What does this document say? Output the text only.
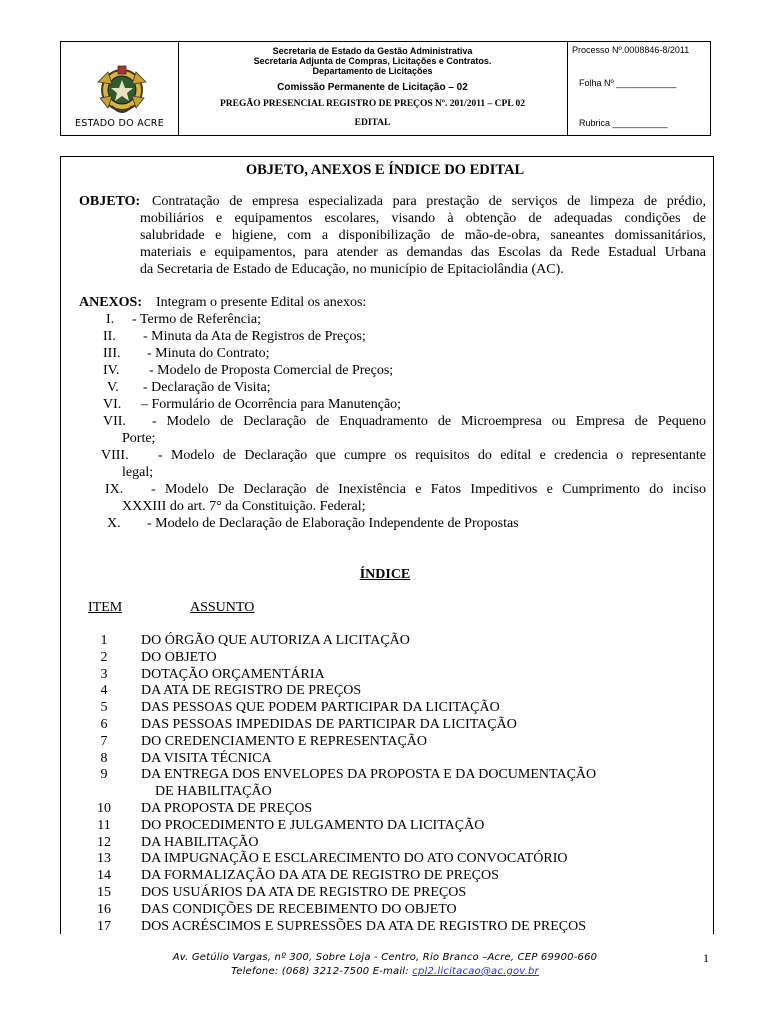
ESTADO DO ACRE
Secretaria de Estado da Gestão Administrativa
Secretaria Adjunta de Compras, Licitações e Contratos.
Departamento de Licitações
Comissão Permanente de Licitação – 02
PREGÃO PRESENCIAL REGISTRO DE PREÇOS Nº. 201/2011 – CPL 02
EDITAL
Processo Nº.0008846-8/2011
Folha Nº ____________
Rubrica ___________
OBJETO, ANEXOS E ÍNDICE DO EDITAL
OBJETO: Contratação de empresa especializada para prestação de serviços de limpeza de prédio,
mobiliários e equipamentos escolares, visando à obtenção de adequadas condições de
salubridade e higiene, com a disponibilização de mão-de-obra, saneantes domissanitários,
materiais e equipamentos, para atender as demandas das Escolas da Rede Estadual Urbana
da Secretaria de Estado de Educação, no município de Epitaciolândia (AC).
ANEXOS: Integram o presente Edital os anexos:
I. - Termo de Referência;
II. - Minuta da Ata de Registros de Preços;
III. - Minuta do Contrato;
IV. - Modelo de Proposta Comercial de Preços;
V. - Declaração de Visita;
VI. – Formulário de Ocorrência para Manutenção;
VII. - Modelo de Declaração de Enquadramento de Microempresa ou Empresa de Pequeno
Porte;
VIII. - Modelo de Declaração que cumpre os requisitos do edital e credencia o representante
legal;
IX. - Modelo De Declaração de Inexistência e Fatos Impeditivos e Cumprimento do inciso
XXXIII do art. 7° da Constituição. Federal;
X. - Modelo de Declaração de Elaboração Independente de Propostas
ÍNDICE
ITEM	ASSUNTO
1	DO ÓRGÃO QUE AUTORIZA A LICITAÇÃO
2	DO OBJETO
3	DOTAÇÃO ORÇAMENTÁRIA
4	DA ATA DE REGISTRO DE PREÇOS
5	DAS PESSOAS QUE PODEM PARTICIPAR DA LICITAÇÃO
6	DAS PESSOAS IMPEDIDAS DE PARTICIPAR DA LICITAÇÃO
7	DO CREDENCIAMENTO E REPRESENTAÇÃO
8	DA VISITA TÉCNICA
9	DA ENTREGA DOS ENVELOPES DA PROPOSTA E DA DOCUMENTAÇÃO
DE HABILITAÇÃO
10 DA PROPOSTA DE PREÇOS
11 DO PROCEDIMENTO E JULGAMENTO DA LICITAÇÃO
12 DA HABILITAÇÃO
13 DA IMPUGNAÇÃO E ESCLARECIMENTO DO ATO CONVOCATÓRIO
14 DA FORMALIZAÇÃO DA ATA DE REGISTRO DE PREÇOS
15 DOS USUÁRIOS DA ATA DE REGISTRO DE PREÇOS
16 DAS CONDIÇÕES DE RECEBIMENTO DO OBJETO
17 DOS ACRÉSCIMOS E SUPRESSÕES DA ATA DE REGISTRO DE PREÇOS
Av. Getúlio Vargas, nº 300, Sobre Loja - Centro, Rio Branco –Acre, CEP 69900-660
Telefone: (068) 3212-7500 E-mail: cpl2.licitacao@ac.gov.br
1
